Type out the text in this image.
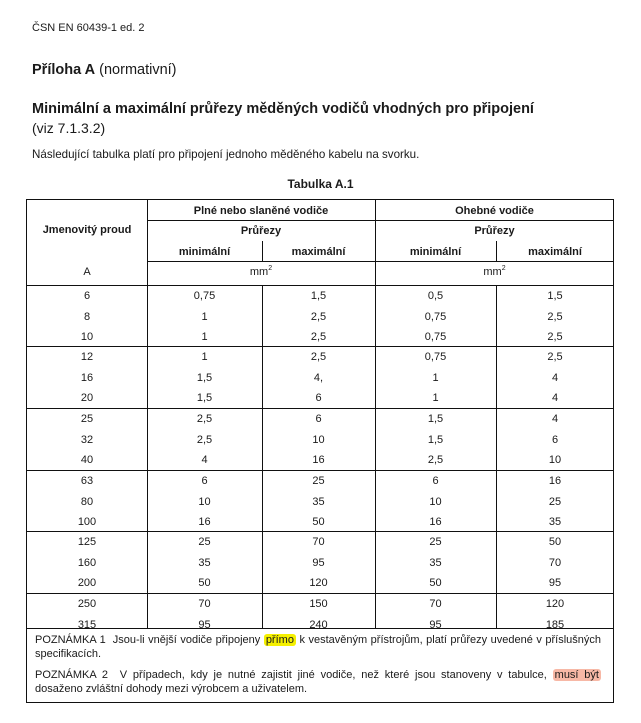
ČSN EN 60439-1 ed. 2
Příloha A (normativní)
Minimální a maximální průřezy měděných vodičů vhodných pro připojení
(viz 7.1.3.2)
Následující tabulka platí pro připojení jednoho měděného kabelu na svorku.
Tabulka A.1
Jmenovitý proud
A
Plné nebo slaněné vodiče	Ohebné vodiče
Průřezy	Průřezy
minimální	maximální	minimální	maximální
$mm^2$	$mm^2$
6	0,75	1,5	0,5	1,5
8	1	2,5	0,75	2,5
10	1	2,5	0,75	2,5
12	1	2,5	0,75	2,5
16	1,5	4,	1	4
20	1,5	6	1	4
25	2,5	6	1,5	4
32	2,5	10	1,5	6
40	4	16	2,5	10
63	6	25	6	16
80	10	35	10	25
100	16	50	16	35
125	25	70	25	50
160	35	95	35	70
200	50	120	50	95
250	70	150	70	120
315	95	240	95	185
POZNÁMKA 1 Jsou-li vnější vodiče připojeny přímo k vestavěným přístrojům, platí průřezy uvedené v příslušných specifikacích.
POZNÁMKA 2 V případech, kdy je nutné zajistit jiné vodiče, než které jsou stanoveny v tabulce, musí být dosaženo zvláštní dohody mezi výrobcem a uživatelem.
